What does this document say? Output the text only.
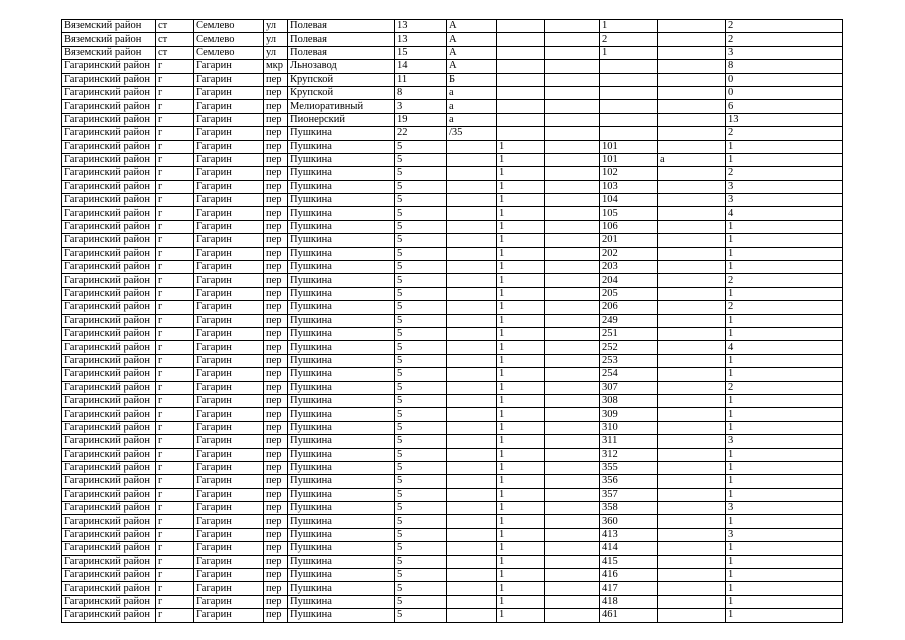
Вяземский район	ст	Семлево	ул	Полевая	13	А			1		2
Вяземский район	ст	Семлево	ул	Полевая	13	А			2		2
Вяземский район	ст	Семлево	ул	Полевая	15	А			1		3
Гагаринский район	г	Гагарин	мкр	Льнозавод	14	А					8
Гагаринский район	г	Гагарин	пер	Крупской	11	Б					0
Гагаринский район	г	Гагарин	пер	Крупской	8	а					0
Гагаринский район	г	Гагарин	пер	Мелиоративный	3	а					6
Гагаринский район	г	Гагарин	пер	Пионерский	19	а					13
Гагаринский район	г	Гагарин	пер	Пушкина	22	/35					2
Гагаринский район	г	Гагарин	пер	Пушкина	5		1		101		1
Гагаринский район	г	Гагарин	пер	Пушкина	5		1		101	а	1
Гагаринский район	г	Гагарин	пер	Пушкина	5		1		102		2
Гагаринский район	г	Гагарин	пер	Пушкина	5		1		103		3
Гагаринский район	г	Гагарин	пер	Пушкина	5		1		104		3
Гагаринский район	г	Гагарин	пер	Пушкина	5		1		105		4
Гагаринский район	г	Гагарин	пер	Пушкина	5		1		106		1
Гагаринский район	г	Гагарин	пер	Пушкина	5		1		201		1
Гагаринский район	г	Гагарин	пер	Пушкина	5		1		202		1
Гагаринский район	г	Гагарин	пер	Пушкина	5		1		203		1
Гагаринский район	г	Гагарин	пер	Пушкина	5		1		204		2
Гагаринский район	г	Гагарин	пер	Пушкина	5		1		205		1
Гагаринский район	г	Гагарин	пер	Пушкина	5		1		206		2
Гагаринский район	г	Гагарин	пер	Пушкина	5		1		249		1
Гагаринский район	г	Гагарин	пер	Пушкина	5		1		251		1
Гагаринский район	г	Гагарин	пер	Пушкина	5		1		252		4
Гагаринский район	г	Гагарин	пер	Пушкина	5		1		253		1
Гагаринский район	г	Гагарин	пер	Пушкина	5		1		254		1
Гагаринский район	г	Гагарин	пер	Пушкина	5		1		307		2
Гагаринский район	г	Гагарин	пер	Пушкина	5		1		308		1
Гагаринский район	г	Гагарин	пер	Пушкина	5		1		309		1
Гагаринский район	г	Гагарин	пер	Пушкина	5		1		310		1
Гагаринский район	г	Гагарин	пер	Пушкина	5		1		311		3
Гагаринский район	г	Гагарин	пер	Пушкина	5		1		312		1
Гагаринский район	г	Гагарин	пер	Пушкина	5		1		355		1
Гагаринский район	г	Гагарин	пер	Пушкина	5		1		356		1
Гагаринский район	г	Гагарин	пер	Пушкина	5		1		357		1
Гагаринский район	г	Гагарин	пер	Пушкина	5		1		358		3
Гагаринский район	г	Гагарин	пер	Пушкина	5		1		360		1
Гагаринский район	г	Гагарин	пер	Пушкина	5		1		413		3
Гагаринский район	г	Гагарин	пер	Пушкина	5		1		414		1
Гагаринский район	г	Гагарин	пер	Пушкина	5		1		415		1
Гагаринский район	г	Гагарин	пер	Пушкина	5		1		416		1
Гагаринский район	г	Гагарин	пер	Пушкина	5		1		417		1
Гагаринский район	г	Гагарин	пер	Пушкина	5		1		418		1
Гагаринский район	г	Гагарин	пер	Пушкина	5		1		461		1
